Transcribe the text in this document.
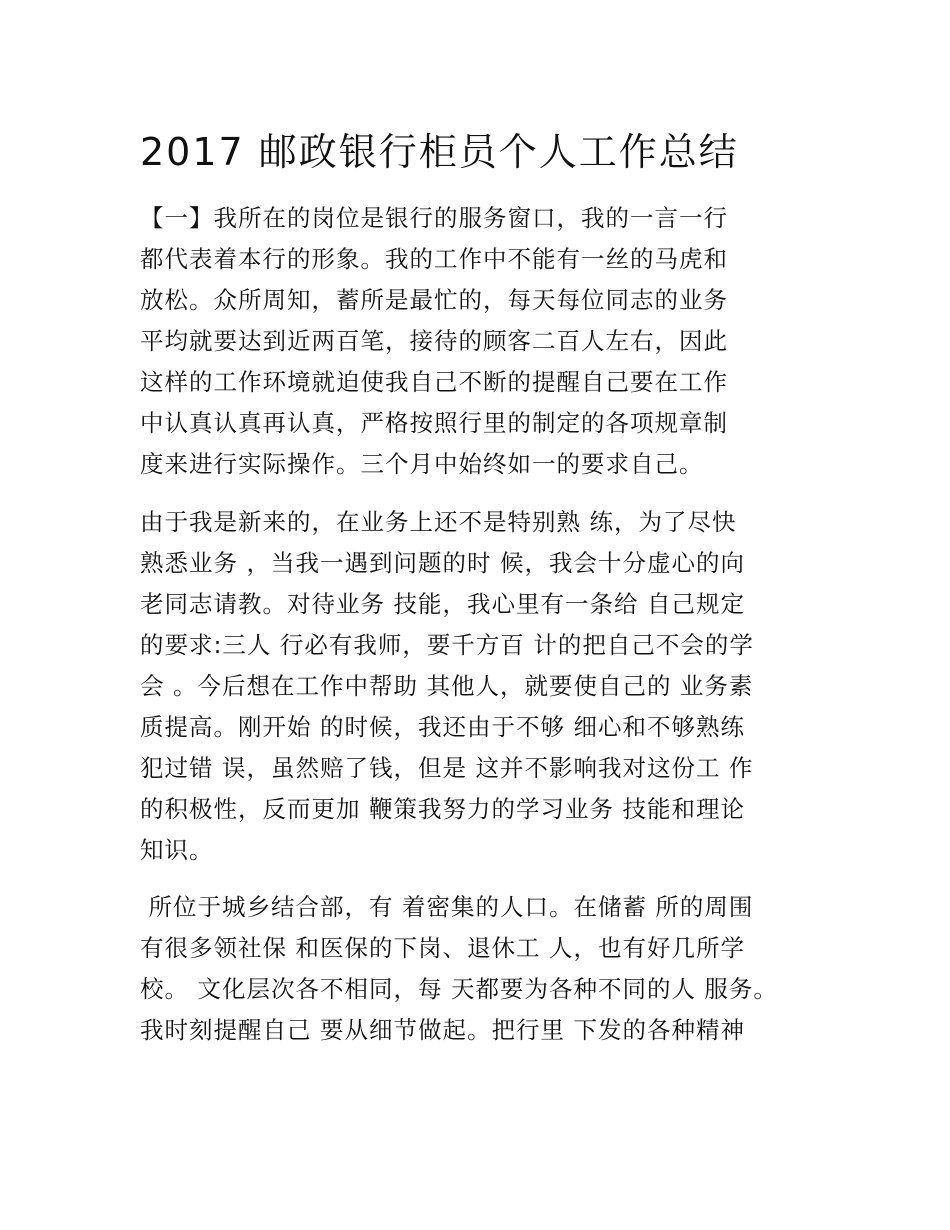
2017 邮政银行柜员个人工作总结
【一】我所在的岗位是银行的服务窗口，我的一言一行
都代表着本行的形象。我的工作中不能有一丝的马虎和
放松。众所周知，蓄所是最忙的，每天每位同志的业务
平均就要达到近两百笔，接待的顾客二百人左右，因此
这样的工作环境就迫使我自己不断的提醒自己要在工作
中认真认真再认真，严格按照行里的制定的各项规章制
度来进行实际操作。三个月中始终如一的要求自己。
由于我是新来的，在业务上还不是特别熟 练，为了尽快
熟悉业务 ，当我一遇到问题的时 候，我会十分虚心的向
老同志请教。对待业务 技能，我心里有一条给 自己规定
的要求:三人 行必有我师，要千方百 计的把自己不会的学
会 。今后想在工作中帮助 其他人，就要使自己的 业务素
质提高。刚开始 的时候，我还由于不够 细心和不够熟练
犯过错 误，虽然赔了钱，但是 这并不影响我对这份工 作
的积极性，反而更加 鞭策我努力的学习业务 技能和理论
知识。
所位于城乡结合部，有 着密集的人口。在储蓄 所的周围
有很多领社保 和医保的下岗、退休工 人，也有好几所学
校。 文化层次各不相同，每 天都要为各种不同的人 服务。
我时刻提醒自己 要从细节做起。把行里 下发的各种精神
